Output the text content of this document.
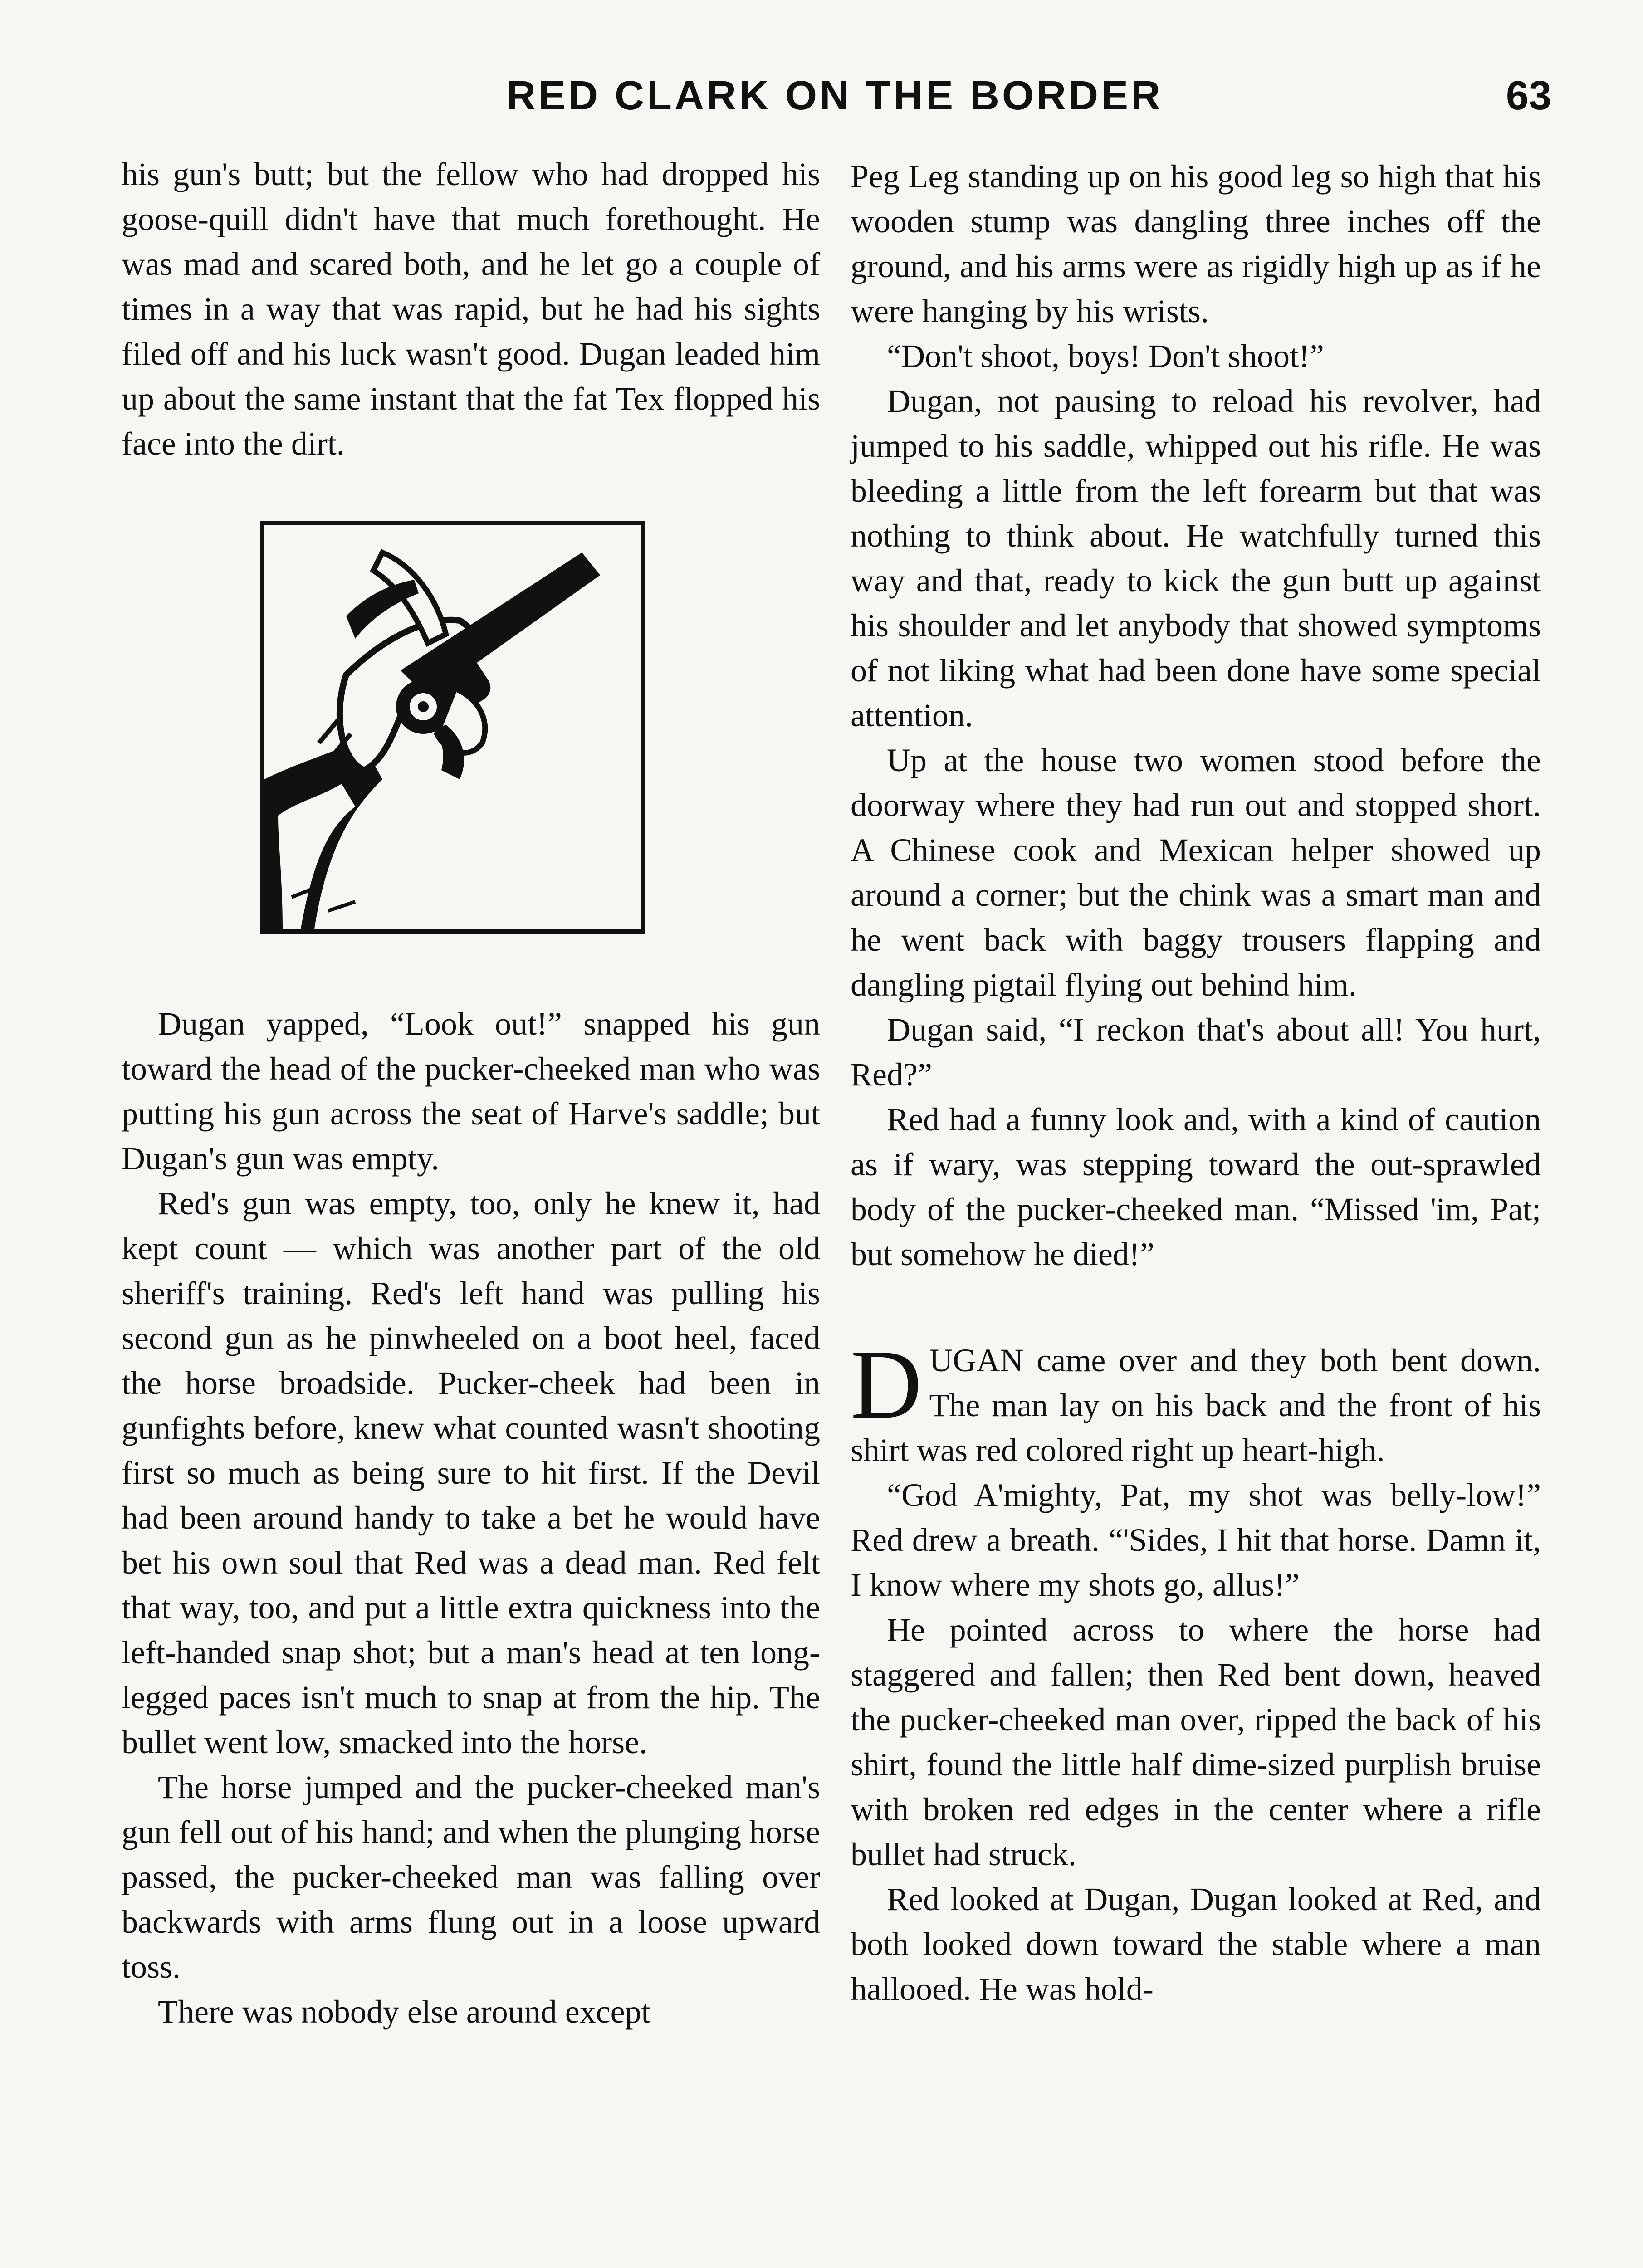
RED CLARK ON THE BORDER	63

his gun's butt; but the fellow who had dropped his goose-quill didn't have that much forethought. He was mad and scared both, and he let go a couple of times in a way that was rapid, but he had his sights filed off and his luck wasn't good. Dugan leaded him up about the same instant that the fat Tex flopped his face into the dirt.

Dugan yapped, “Look out!” snapped his gun toward the head of the pucker-cheeked man who was putting his gun across the seat of Harve's saddle; but Dugan's gun was empty.

Red's gun was empty, too, only he knew it, had kept count — which was another part of the old sheriff's training. Red's left hand was pulling his second gun as he pinwheeled on a boot heel, faced the horse broadside. Pucker-cheek had been in gunfights before, knew what counted wasn't shooting first so much as being sure to hit first. If the Devil had been around handy to take a bet he would have bet his own soul that Red was a dead man. Red felt that way, too, and put a little extra quickness into the left-handed snap shot; but a man's head at ten long-legged paces isn't much to snap at from the hip. The bullet went low, smacked into the horse.

The horse jumped and the pucker-cheeked man's gun fell out of his hand; and when the plunging horse passed, the pucker-cheeked man was falling over backwards with arms flung out in a loose upward toss.

There was nobody else around except

Peg Leg standing up on his good leg so high that his wooden stump was dangling three inches off the ground, and his arms were as rigidly high up as if he were hanging by his wrists.

“Don't shoot, boys! Don't shoot!”

Dugan, not pausing to reload his revolver, had jumped to his saddle, whipped out his rifle. He was bleeding a little from the left forearm but that was nothing to think about. He watchfully turned this way and that, ready to kick the gun butt up against his shoulder and let anybody that showed symptoms of not liking what had been done have some special attention.

Up at the house two women stood before the doorway where they had run out and stopped short. A Chinese cook and Mexican helper showed up around a corner; but the chink was a smart man and he went back with baggy trousers flapping and dangling pigtail flying out behind him.

Dugan said, “I reckon that's about all! You hurt, Red?”

Red had a funny look and, with a kind of caution as if wary, was stepping toward the out-sprawled body of the pucker-cheeked man. “Missed 'im, Pat; but somehow he died!”

DUGAN came over and they both bent down. The man lay on his back and the front of his shirt was red colored right up heart-high.

“God A'mighty, Pat, my shot was belly-low!” Red drew a breath. “'Sides, I hit that horse. Damn it, I know where my shots go, allus!”

He pointed across to where the horse had staggered and fallen; then Red bent down, heaved the pucker-cheeked man over, ripped the back of his shirt, found the little half dime-sized purplish bruise with broken red edges in the center where a rifle bullet had struck.

Red looked at Dugan, Dugan looked at Red, and both looked down toward the stable where a man hallooed. He was hold-
